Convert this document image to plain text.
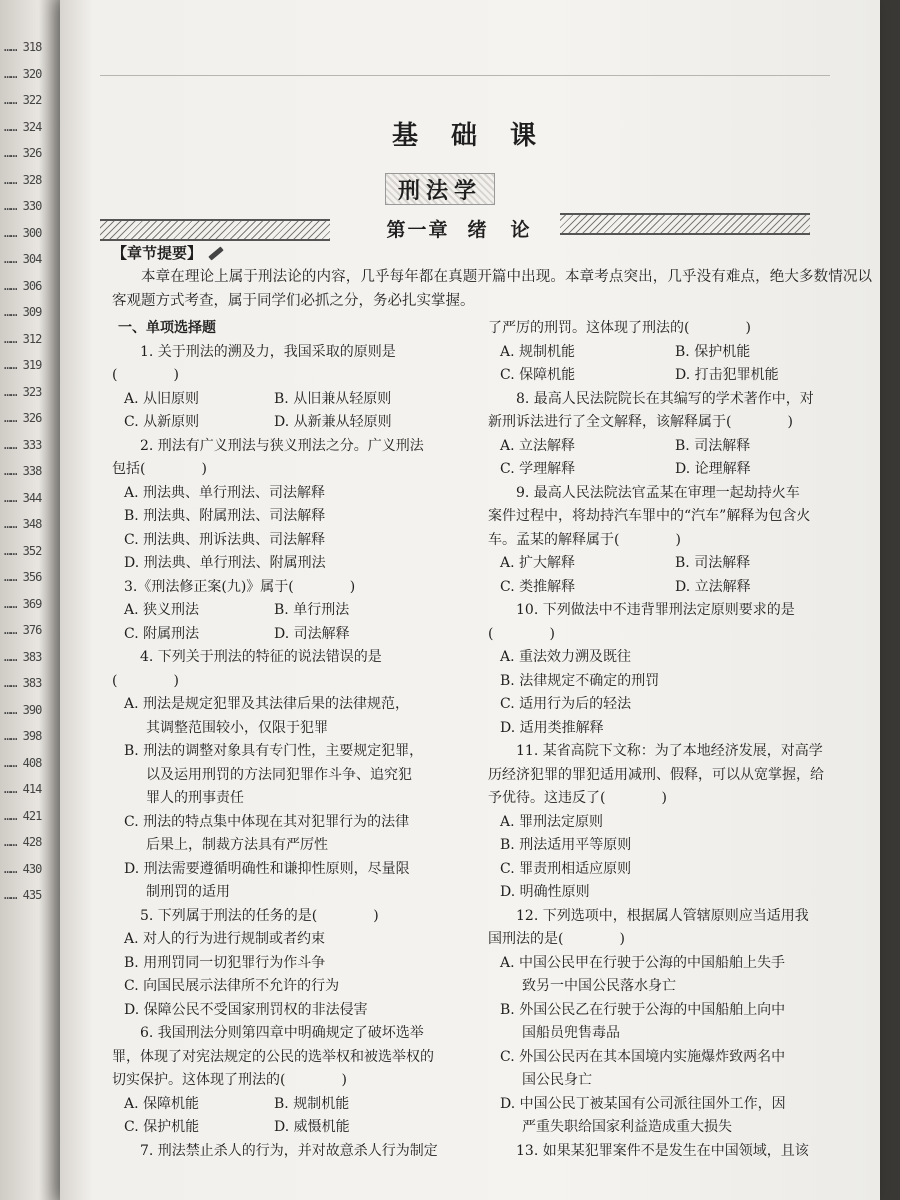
…… 318
…… 320
…… 322
…… 324
…… 326
…… 328
…… 330
…… 300
…… 304
…… 306
…… 309
…… 312
…… 319
…… 323
…… 326
…… 333
…… 338
…… 344
…… 348
…… 352
…… 356
…… 369
…… 376
…… 383
…… 383
…… 390
…… 398
…… 408
…… 414
…… 421
…… 428
…… 430
…… 435
基 础 课
刑法学
第一章 绪论
【章节提要】
本章在理论上属于刑法论的内容，几乎每年都在真题开篇中出现。本章考点突出，几乎没有难点，绝大多数情况以客观题方式考查，属于同学们必抓之分，务必扎实掌握。
一、单项选择题
1. 关于刑法的溯及力，我国采取的原则是
(　　　　)
A. 从旧原则	B. 从旧兼从轻原则
C. 从新原则	D. 从新兼从轻原则
2. 刑法有广义刑法与狭义刑法之分。广义刑法
包括(　　　　)
A. 刑法典、单行刑法、司法解释
B. 刑法典、附属刑法、司法解释
C. 刑法典、刑诉法典、司法解释
D. 刑法典、单行刑法、附属刑法
3.《刑法修正案(九)》属于(　　　　)
A. 狭义刑法	B. 单行刑法
C. 附属刑法	D. 司法解释
4. 下列关于刑法的特征的说法错误的是
(　　　　)
A. 刑法是规定犯罪及其法律后果的法律规范，
其调整范围较小，仅限于犯罪
B. 刑法的调整对象具有专门性，主要规定犯罪，
以及运用刑罚的方法同犯罪作斗争、追究犯
罪人的刑事责任
C. 刑法的特点集中体现在其对犯罪行为的法律
后果上，制裁方法具有严厉性
D. 刑法需要遵循明确性和谦抑性原则，尽量限
制刑罚的适用
5. 下列属于刑法的任务的是(　　　　)
A. 对人的行为进行规制或者约束
B. 用刑罚同一切犯罪行为作斗争
C. 向国民展示法律所不允许的行为
D. 保障公民不受国家刑罚权的非法侵害
6. 我国刑法分则第四章中明确规定了破坏选举
罪，体现了对宪法规定的公民的选举权和被选举权的
切实保护。这体现了刑法的(　　　　)
A. 保障机能	B. 规制机能
C. 保护机能	D. 威慑机能
7. 刑法禁止杀人的行为，并对故意杀人行为制定
了严厉的刑罚。这体现了刑法的(　　　　)
A. 规制机能	B. 保护机能
C. 保障机能	D. 打击犯罪机能
8. 最高人民法院院长在其编写的学术著作中，对
新刑诉法进行了全文解释，该解释属于(　　　　)
A. 立法解释	B. 司法解释
C. 学理解释	D. 论理解释
9. 最高人民法院法官孟某在审理一起劫持火车
案件过程中，将劫持汽车罪中的“汽车”解释为包含火
车。孟某的解释属于(　　　　)
A. 扩大解释	B. 司法解释
C. 类推解释	D. 立法解释
10. 下列做法中不违背罪刑法定原则要求的是
(　　　　)
A. 重法效力溯及既往
B. 法律规定不确定的刑罚
C. 适用行为后的轻法
D. 适用类推解释
11. 某省高院下文称：为了本地经济发展，对高学
历经济犯罪的罪犯适用减刑、假释，可以从宽掌握，给
予优待。这违反了(　　　　)
A. 罪刑法定原则
B. 刑法适用平等原则
C. 罪责刑相适应原则
D. 明确性原则
12. 下列选项中，根据属人管辖原则应当适用我
国刑法的是(　　　　)
A. 中国公民甲在行驶于公海的中国船舶上失手
致另一中国公民落水身亡
B. 外国公民乙在行驶于公海的中国船舶上向中
国船员兜售毒品
C. 外国公民丙在其本国境内实施爆炸致两名中
国公民身亡
D. 中国公民丁被某国有公司派往国外工作，因
严重失职给国家利益造成重大损失
13. 如果某犯罪案件不是发生在中国领域，且该
